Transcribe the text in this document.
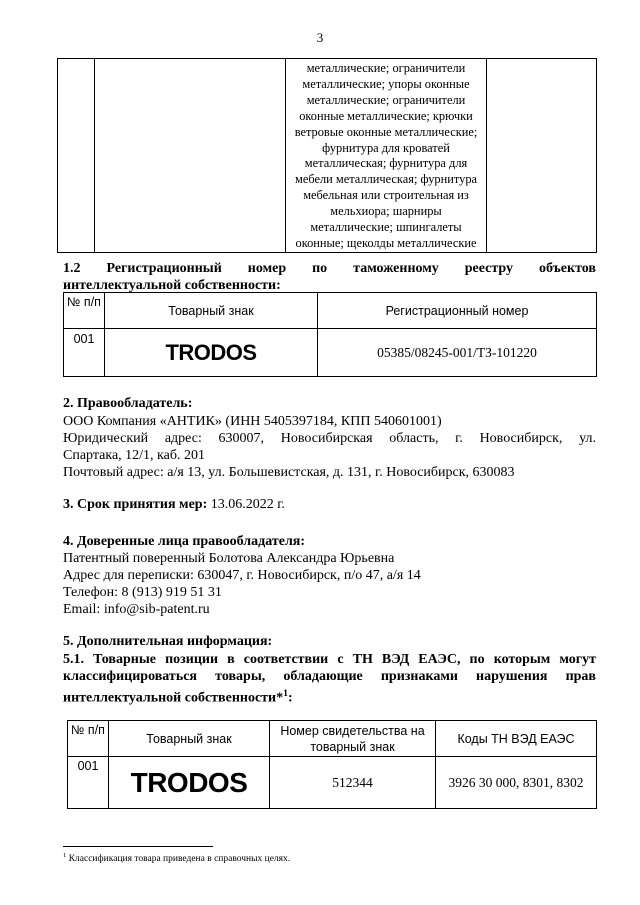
3

металлические; ограничители
металлические; упоры оконные
металлические; ограничители
оконные металлические; крючки
ветровые оконные металлические;
фурнитура для кроватей
металлическая; фурнитура для
мебели металлическая; фурнитура
мебельная или строительная из
мельхиора; шарниры
металлические; шпингалеты
оконные; щеколды металлические

1.2 Регистрационный номер по таможенному реестру объектов
интеллектуальной собственности:
№ п/п	Товарный знак	Регистрационный номер
001	TRODOS	05385/08245-001/ТЗ-101220
2. Правообладатель:
ООО Компания «АНТИК» (ИНН 5405397184, КПП 540601001)
Юридический адрес: 630007, Новосибирская область, г. Новосибирск, ул.
Спартака, 12/1, каб. 201
Почтовый адрес: а/я 13, ул. Большевистская, д. 131, г. Новосибирск, 630083
3. Срок принятия мер: 13.06.2022 г.
4. Доверенные лица правообладателя:
Патентный поверенный Болотова Александра Юрьевна
Адрес для переписки: 630047, г. Новосибирск, п/о 47, а/я 14
Телефон: 8 (913) 919 51 31
Email: info@sib-patent.ru
5. Дополнительная информация:
5.1. Товарные позиции в соответствии с ТН ВЭД ЕАЭС, по которым могут
классифицироваться товары, обладающие признаками нарушения прав
интеллектуальной собственности*$^1$:
№ п/п	Товарный знак	Номер свидетельства на товарный знак	Коды ТН ВЭД ЕАЭС
001	TRODOS	512344	3926 30 000, 8301, 8302
$^1$ Классификация товара приведена в справочных целях.
